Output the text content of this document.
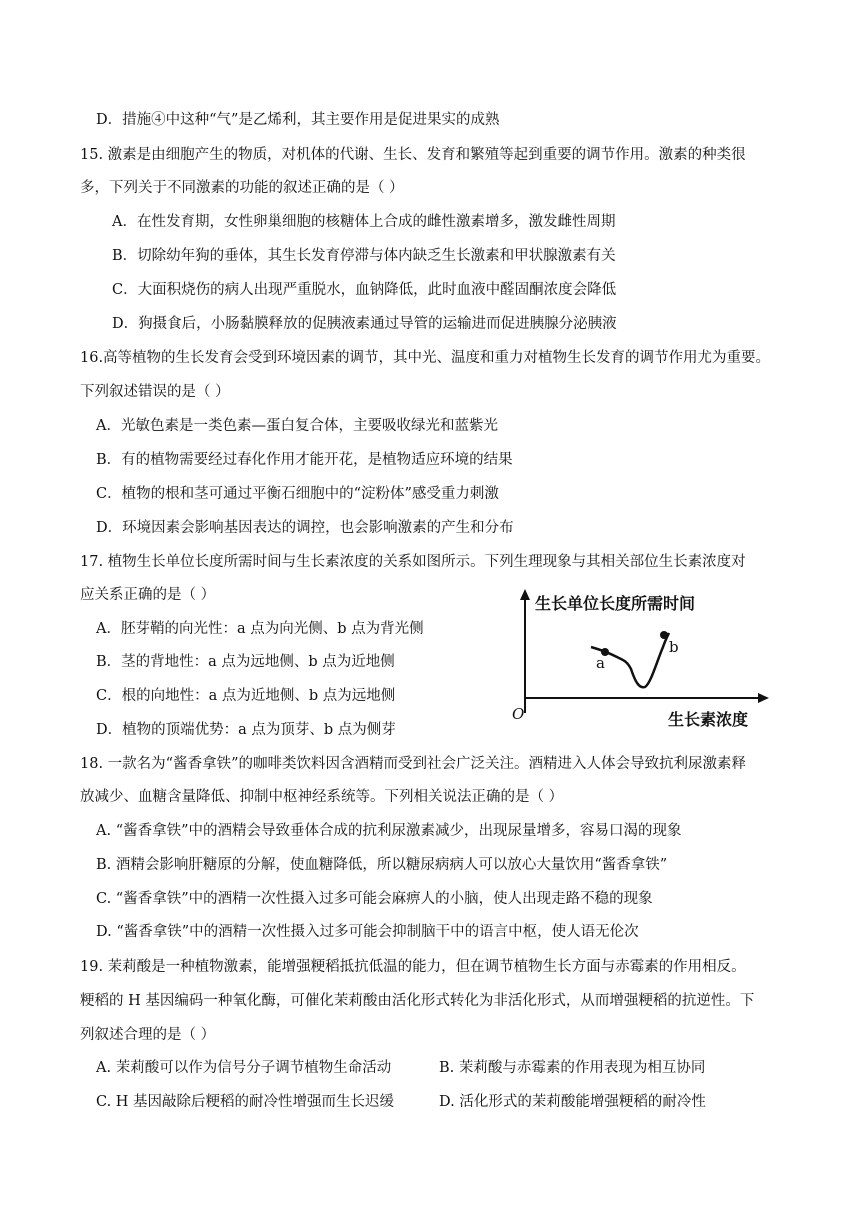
D．措施④中这种“气”是乙烯利，其主要作用是促进果实的成熟
15. 激素是由细胞产生的物质，对机体的代谢、生长、发育和繁殖等起到重要的调节作用。激素的种类很
多，下列关于不同激素的功能的叙述正确的是（ ）
A．在性发育期，女性卵巢细胞的核糖体上合成的雌性激素增多，激发雌性周期
B．切除幼年狗的垂体，其生长发育停滞与体内缺乏生长激素和甲状腺激素有关
C．大面积烧伤的病人出现严重脱水，血钠降低，此时血液中醛固酮浓度会降低
D．狗摄食后，小肠黏膜释放的促胰液素通过导管的运输进而促进胰腺分泌胰液
16.高等植物的生长发育会受到环境因素的调节，其中光、温度和重力对植物生长发育的调节作用尤为重要。
下列叙述错误的是（ ）
A．光敏色素是一类色素—蛋白复合体，主要吸收绿光和蓝紫光
B．有的植物需要经过春化作用才能开花，是植物适应环境的结果
C．植物的根和茎可通过平衡石细胞中的“淀粉体”感受重力刺激
D．环境因素会影响基因表达的调控，也会影响激素的产生和分布
17. 植物生长单位长度所需时间与生长素浓度的关系如图所示。下列生理现象与其相关部位生长素浓度对
应关系正确的是（ ）
A．胚芽鞘的向光性：a 点为向光侧、b 点为背光侧
B．茎的背地性：a 点为远地侧、b 点为近地侧
C．根的向地性：a 点为近地侧、b 点为远地侧
D．植物的顶端优势：a 点为顶芽、b 点为侧芽
生长单位长度所需时间
生长素浓度
O
a
b
18. 一款名为“酱香拿铁”的咖啡类饮料因含酒精而受到社会广泛关注。酒精进入人体会导致抗利尿激素释
放减少、血糖含量降低、抑制中枢神经系统等。下列相关说法正确的是（ ）
A. “酱香拿铁”中的酒精会导致垂体合成的抗利尿激素减少，出现尿量增多，容易口渴的现象
B. 酒精会影响肝糖原的分解，使血糖降低，所以糖尿病病人可以放心大量饮用“酱香拿铁”
C. “酱香拿铁”中的酒精一次性摄入过多可能会麻痹人的小脑，使人出现走路不稳的现象
D. “酱香拿铁”中的酒精一次性摄入过多可能会抑制脑干中的语言中枢，使人语无伦次
19. 茉莉酸是一种植物激素，能增强粳稻抵抗低温的能力，但在调节植物生长方面与赤霉素的作用相反。
粳稻的 H 基因编码一种氧化酶，可催化茉莉酸由活化形式转化为非活化形式，从而增强粳稻的抗逆性。下
列叙述合理的是（ ）
A. 茉莉酸可以作为信号分子调节植物生命活动	B. 茉莉酸与赤霉素的作用表现为相互协同
C. H 基因敲除后粳稻的耐冷性增强而生长迟缓	D. 活化形式的茉莉酸能增强粳稻的耐冷性
